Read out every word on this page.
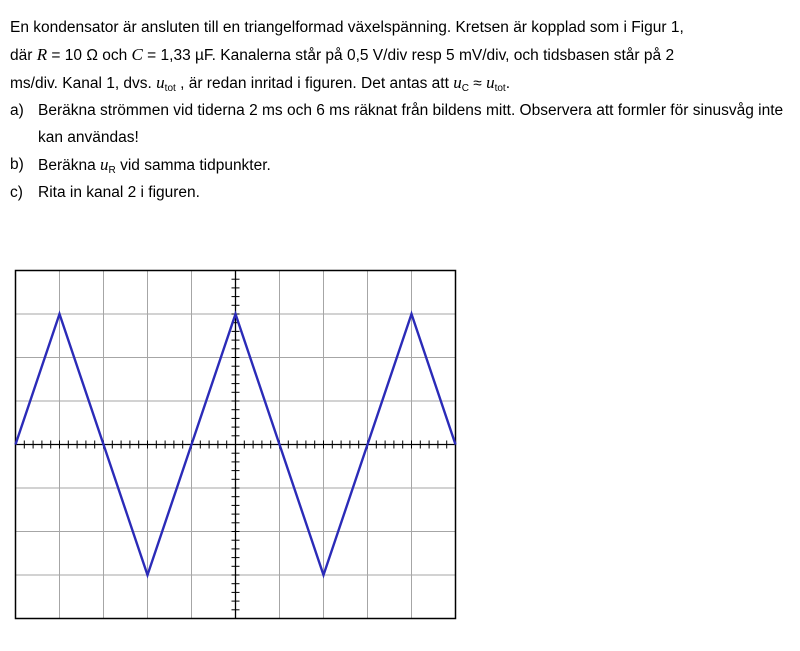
En kondensator är ansluten till en triangelformad växelspänning. Kretsen är kopplad som i Figur 1,

där R = 10 Ω och C = 1,33 µF. Kanalerna står på 0,5 V/div resp 5 mV/div, och tidsbasen står på 2

ms/div. Kanal 1, dvs. $u_{tot}$ , är redan inritad i figuren. Det antas att $u_C \approx u_{tot}$.

a) Beräkna strömmen vid tiderna 2 ms och 6 ms räknat från bildens mitt. Observera att formler för sinusvåg inte kan användas!
b) Beräkna $u_R$ vid samma tidpunkter.
c) Rita in kanal 2 i figuren.
